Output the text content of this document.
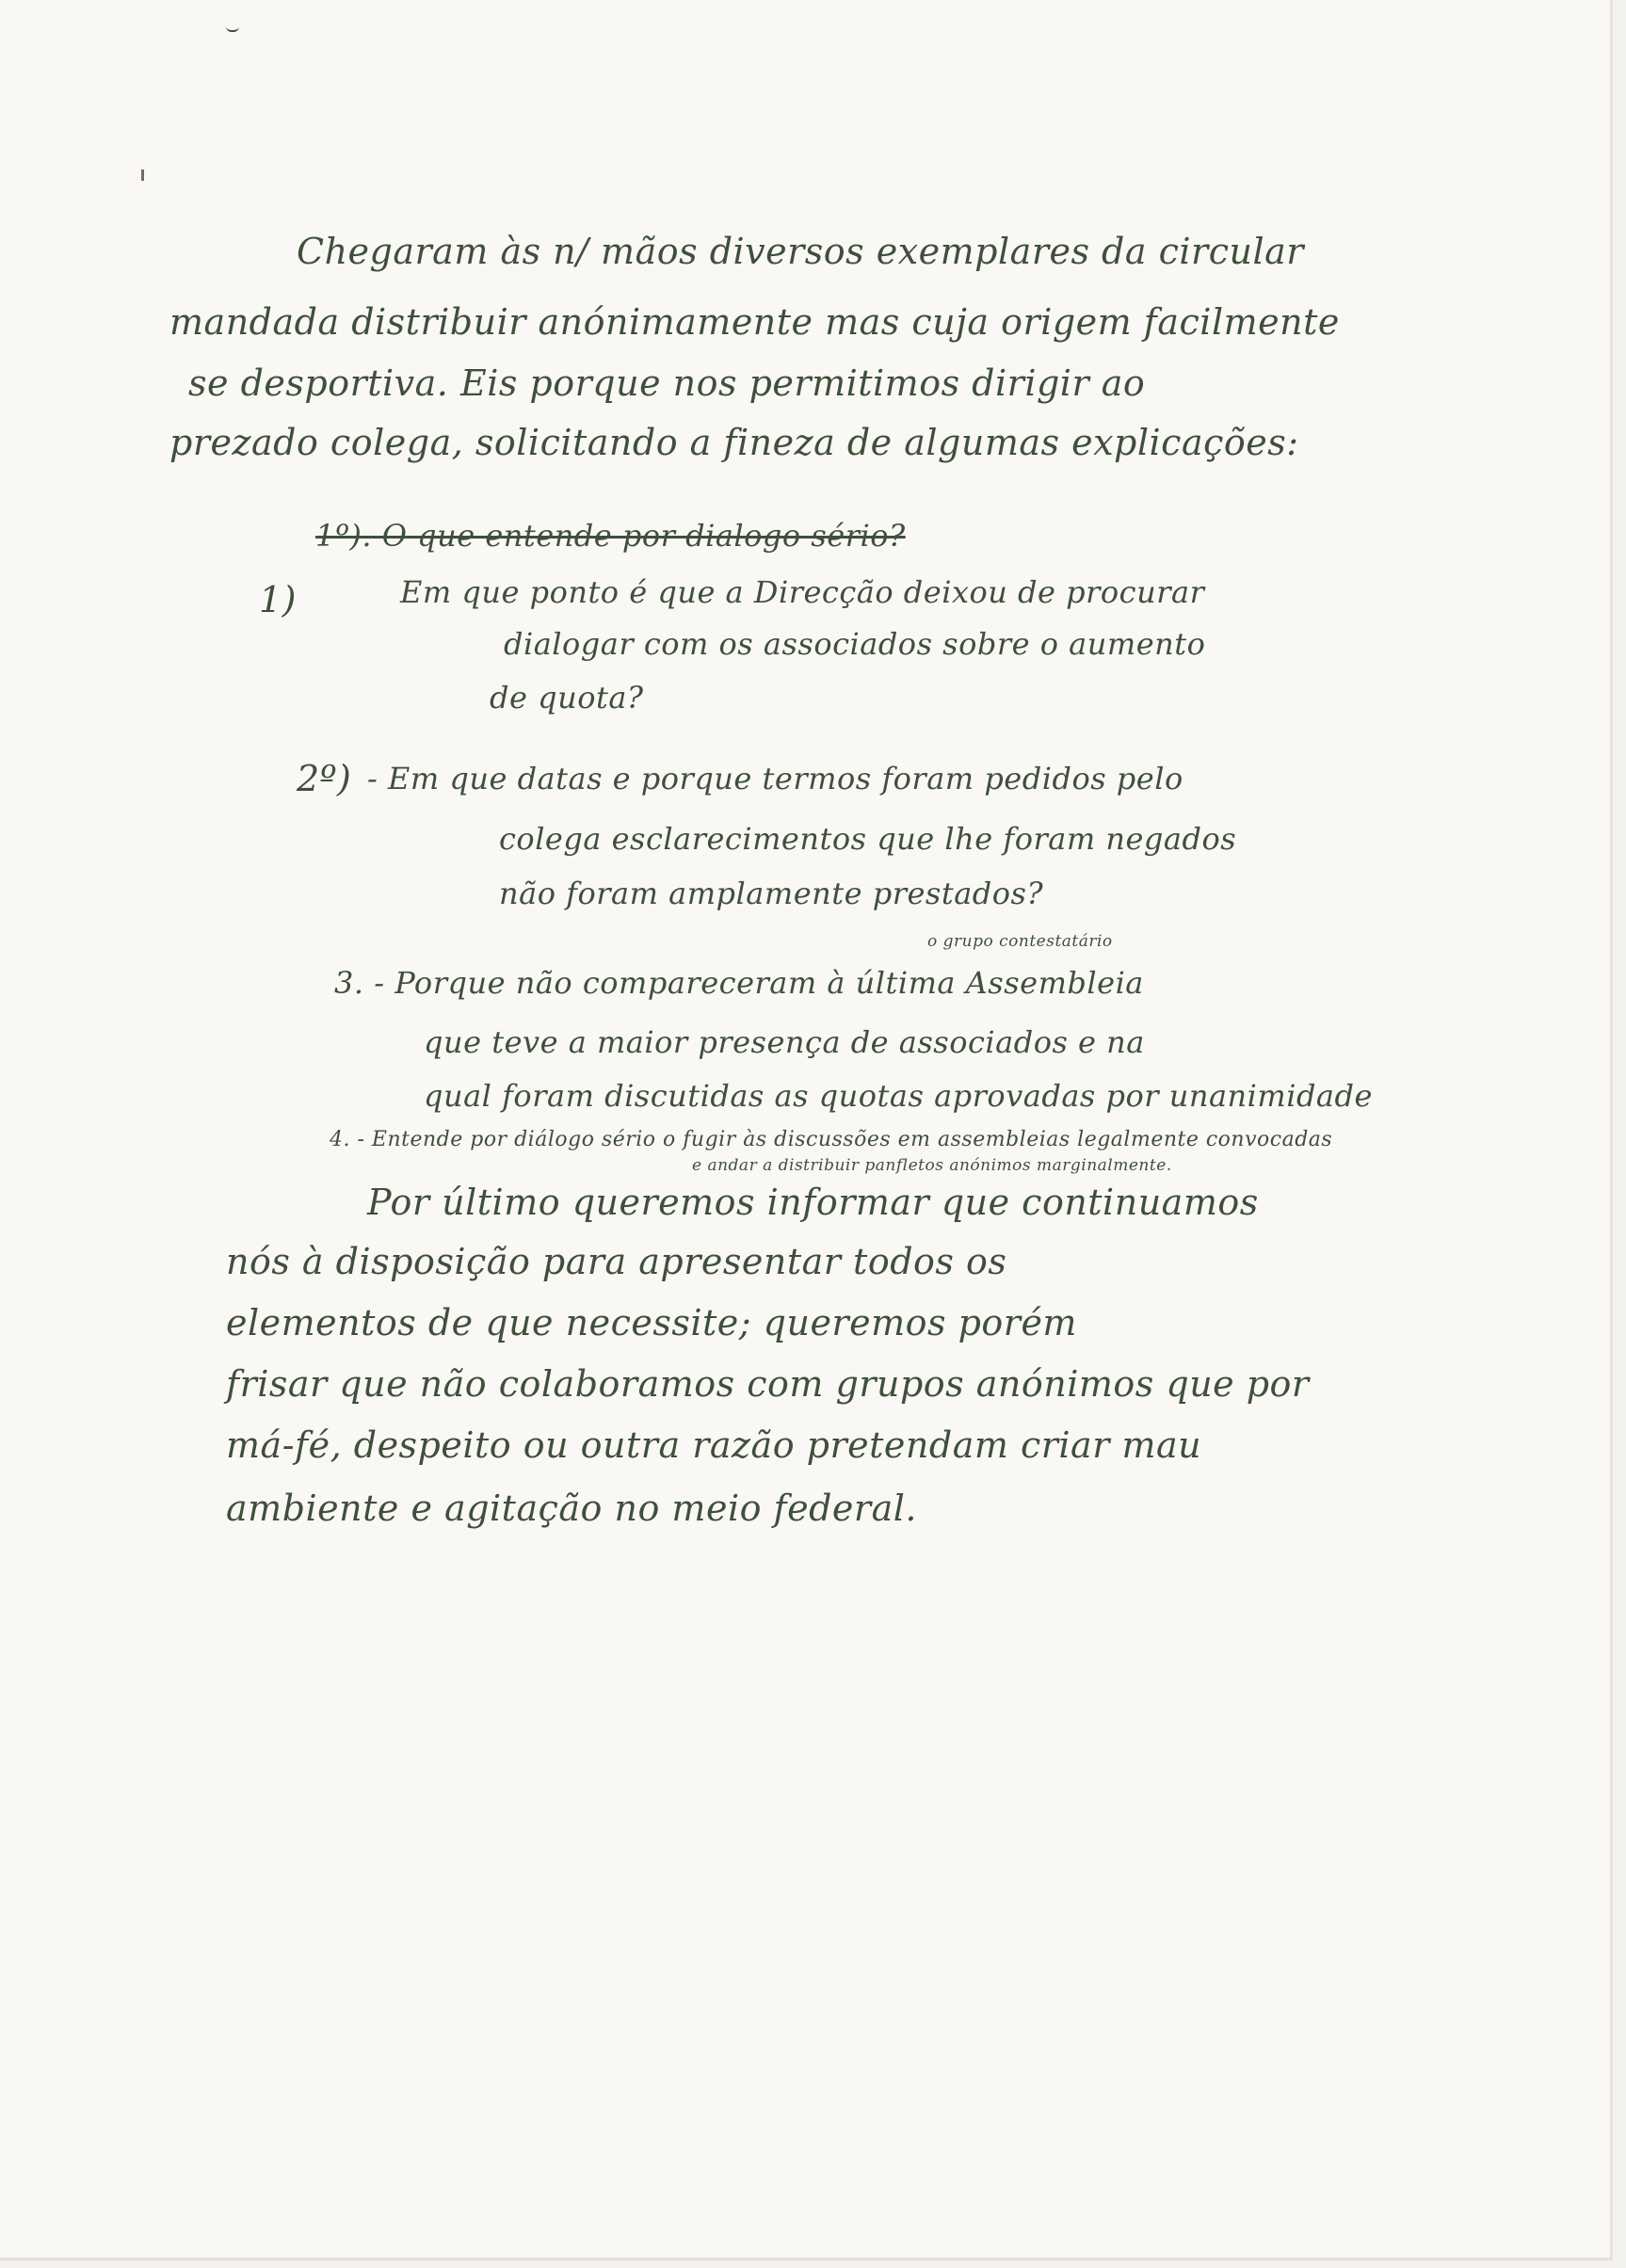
Chegaram às n/ mãos diversos exemplares da circular
mandada distribuir anónimamente mas cuja origem facilmente
se desportiva. Eis porque nos permitimos dirigir ao
prezado colega, solicitando a fineza de algumas explicações:
1º). O que entende por dialogo sério?
1)	Em que ponto é que a Direcção deixou de procurar
dialogar com os associados sobre o aumento
de quota?
2º) - Em que datas e porque termos foram pedidos pelo
colega esclarecimentos que lhe foram negados
não foram amplamente prestados?
o grupo contestatário
3. - Porque não compareceram à última Assembleia
que teve a maior presença de associados e na
qual foram discutidas as quotas aprovadas por unanimidade
4. - Entende por diálogo sério o fugir às discussões em assembleias legalmente convocadas
e andar a distribuir panfletos anónimos marginalmente.
Por último queremos informar que continuamos
nós à disposição para apresentar todos os
elementos de que necessite; queremos porém
frisar que não colaboramos com grupos anónimos que por
má-fé, despeito ou outra razão pretendam criar mau
ambiente e agitação no meio federal.
